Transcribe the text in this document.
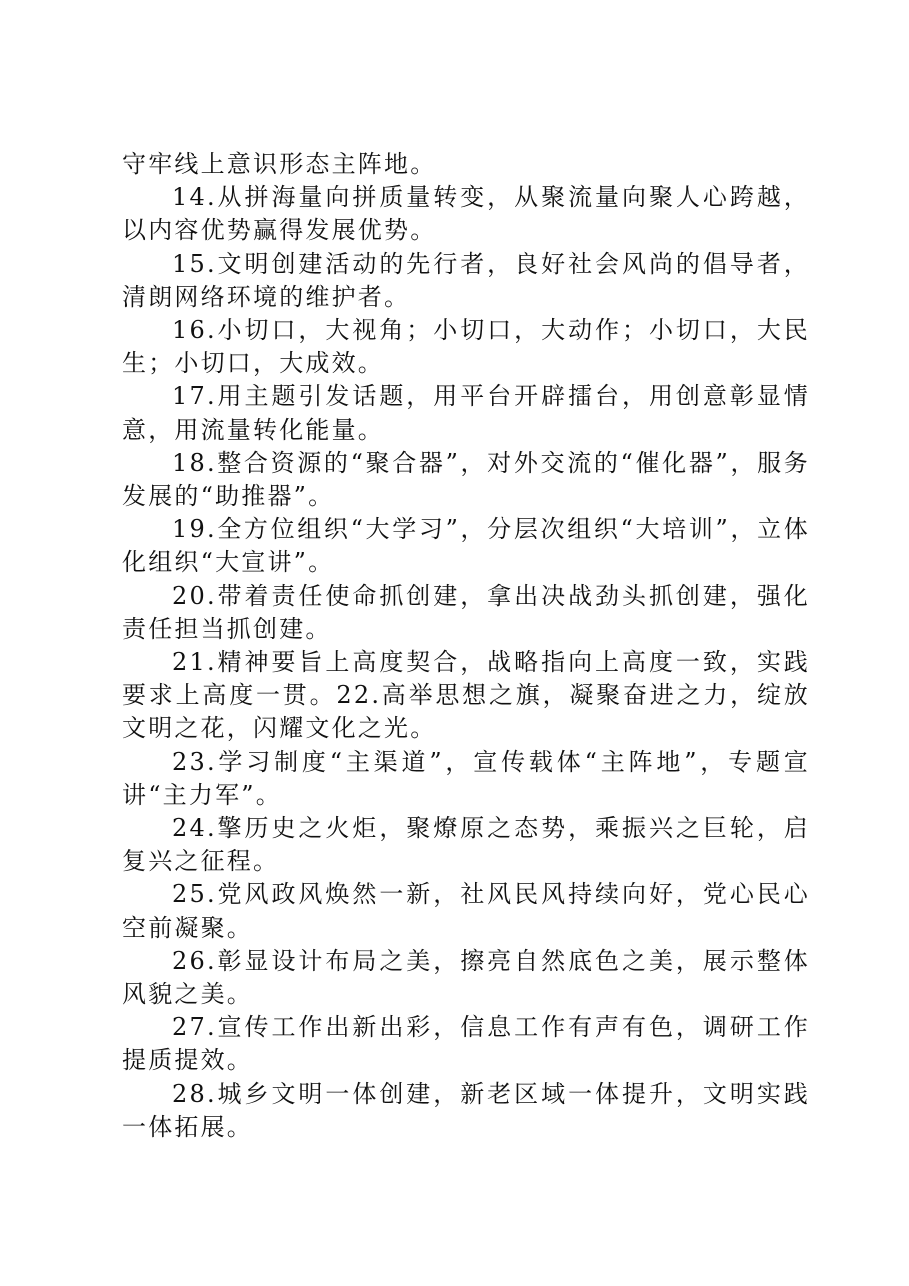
守牢线上意识形态主阵地。

14.从拼海量向拼质量转变，从聚流量向聚人心跨越，以内容优势赢得发展优势。

15.文明创建活动的先行者，良好社会风尚的倡导者，清朗网络环境的维护者。

16.小切口，大视角；小切口，大动作；小切口，大民生；小切口，大成效。

17.用主题引发话题，用平台开辟擂台，用创意彰显情意，用流量转化能量。

18.整合资源的“聚合器”，对外交流的“催化器”，服务发展的“助推器”。

19.全方位组织“大学习”，分层次组织“大培训”，立体化组织“大宣讲”。

20.带着责任使命抓创建，拿出决战劲头抓创建，强化责任担当抓创建。

21.精神要旨上高度契合，战略指向上高度一致，实践要求上高度一贯。22.高举思想之旗，凝聚奋进之力，绽放文明之花，闪耀文化之光。

23.学习制度“主渠道”，宣传载体“主阵地”，专题宣讲“主力军”。

24.擎历史之火炬，聚燎原之态势，乘振兴之巨轮，启复兴之征程。

25.党风政风焕然一新，社风民风持续向好，党心民心空前凝聚。

26.彰显设计布局之美，擦亮自然底色之美，展示整体风貌之美。

27.宣传工作出新出彩，信息工作有声有色，调研工作提质提效。

28.城乡文明一体创建，新老区域一体提升，文明实践一体拓展。
